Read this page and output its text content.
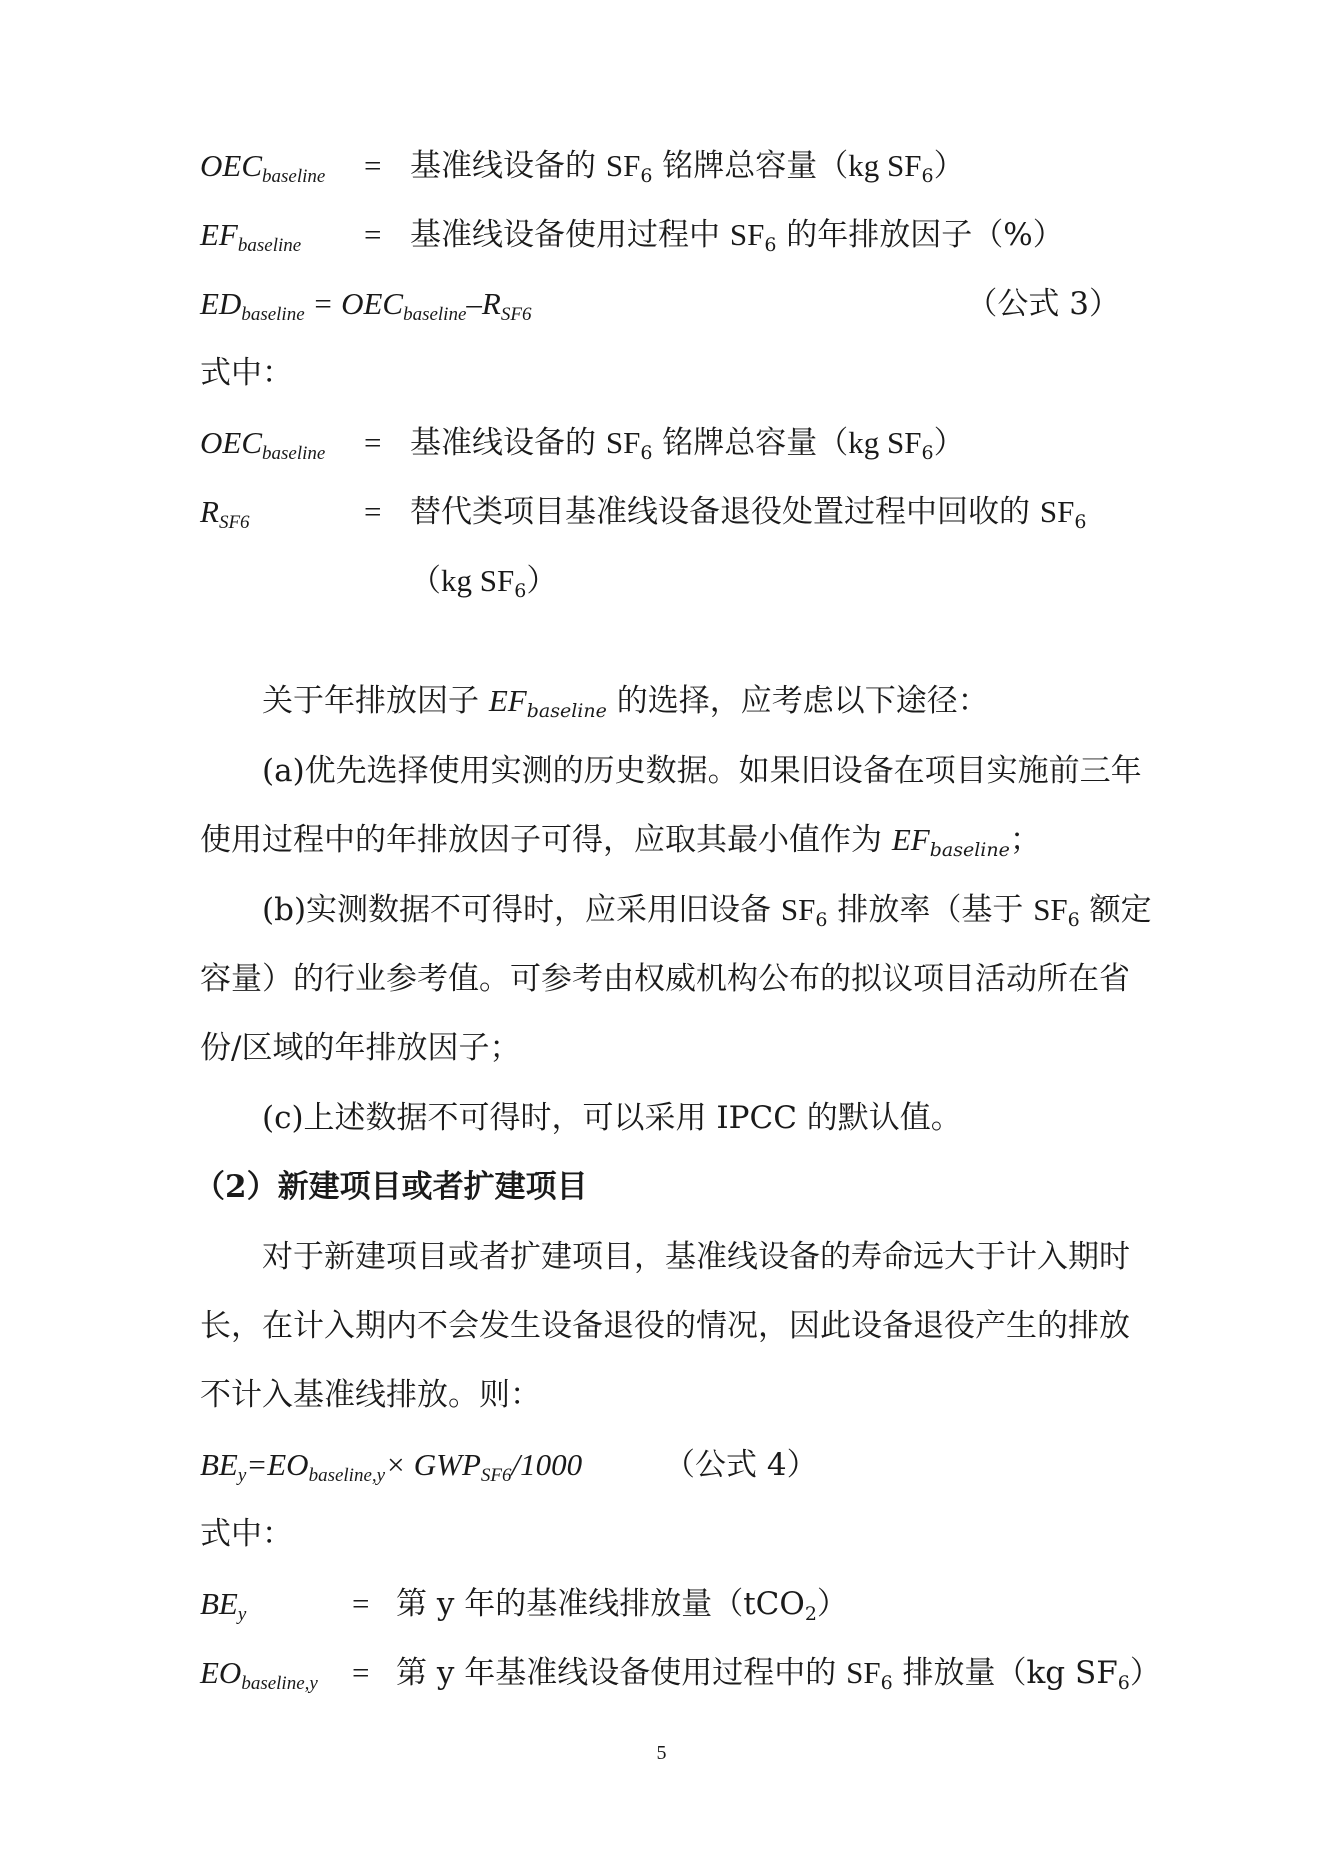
$OEC_{baseline}$ = 基准线设备的 $SF_6$ 铭牌总容量（kg $SF_6$）
$EF_{baseline}$ = 基准线设备使用过程中 $SF_6$ 的年排放因子（%）
$ED_{baseline} = OEC_{baseline}-R_{SF6}$	（公式 3）
式中：
$OEC_{baseline}$ = 基准线设备的 $SF_6$ 铭牌总容量（kg $SF_6$）
$R_{SF6}$	= 替代类项目基准线设备退役处置过程中回收的 $SF_6$
（kg $SF_6$）
关于年排放因子 $EF_{baseline}$ 的选择，应考虑以下途径：
(a)优先选择使用实测的历史数据。如果旧设备在项目实施前三年
使用过程中的年排放因子可得，应取其最小值作为 $EF_{baseline}$；
(b)实测数据不可得时，应采用旧设备 $SF_6$ 排放率（基于 $SF_6$ 额定
容量）的行业参考值。可参考由权威机构公布的拟议项目活动所在省
份/区域的年排放因子；
(c)上述数据不可得时，可以采用 IPCC 的默认值。
（2）新建项目或者扩建项目
对于新建项目或者扩建项目，基准线设备的寿命远大于计入期时
长，在计入期内不会发生设备退役的情况，因此设备退役产生的排放
不计入基准线排放。则：
$BE_y=EO_{baseline,y}\times GWP_{SF6}/1000$	（公式 4）
式中：
$BE_y$	= 第 y 年的基准线排放量（tCO$_2$）
$EO_{baseline,y}$ = 第 y 年基准线设备使用过程中的 $SF_6$ 排放量（kg $SF_6$）
5
